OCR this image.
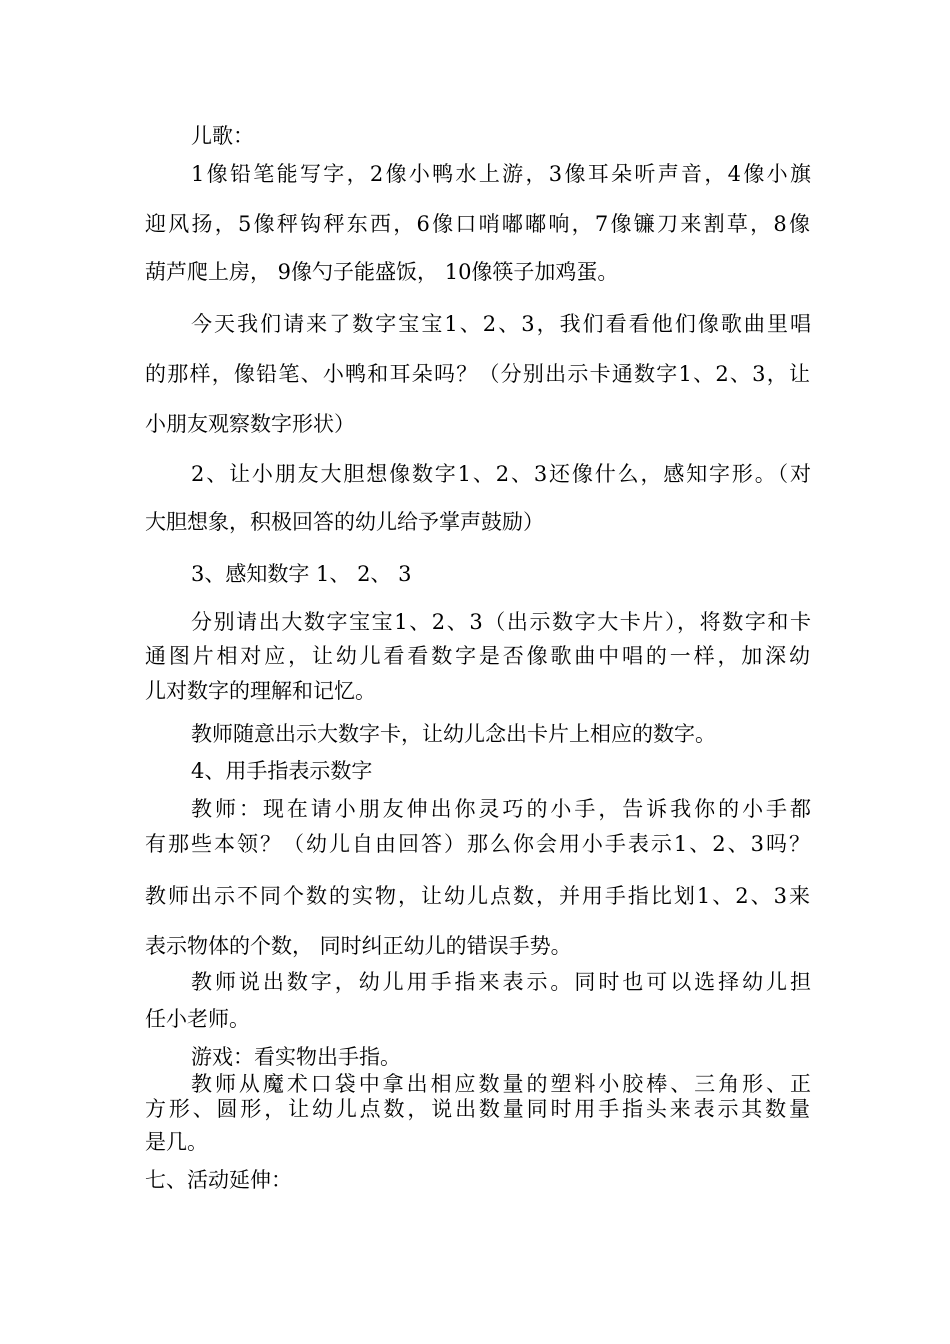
儿歌：
1像铅笔能写字，2像小鸭水上游，3像耳朵听声音，4像小旗
迎风扬，5像秤钩秤东西，6像口哨嘟嘟响，7像镰刀来割草，8像
葫芦爬上房， 9像勺子能盛饭， 10像筷子加鸡蛋。
今天我们请来了数字宝宝1、2、3，我们看看他们像歌曲里唱
的那样，像铅笔、小鸭和耳朵吗？（分别出示卡通数字1、2、3，让
小朋友观察数字形状）
2、让小朋友大胆想像数字1、2、3还像什么，感知字形。（对
大胆想象，积极回答的幼儿给予掌声鼓励）
3、感知数字 1、 2、 3
分别请出大数字宝宝1、2、3（出示数字大卡片），将数字和卡
通图片相对应，让幼儿看看数字是否像歌曲中唱的一样，加深幼
儿对数字的理解和记忆。
教师随意出示大数字卡，让幼儿念出卡片上相应的数字。
4、用手指表示数字
教师：现在请小朋友伸出你灵巧的小手，告诉我你的小手都
有那些本领？（幼儿自由回答）那么你会用小手表示1、2、3吗？
教师出示不同个数的实物，让幼儿点数，并用手指比划1、2、3来
表示物体的个数， 同时纠正幼儿的错误手势。
教师说出数字，幼儿用手指来表示。同时也可以选择幼儿担
任小老师。
游戏：看实物出手指。
教师从魔术口袋中拿出相应数量的塑料小胶棒、三角形、正
方形、圆形，让幼儿点数，说出数量同时用手指头来表示其数量
是几。
七、活动延伸：
